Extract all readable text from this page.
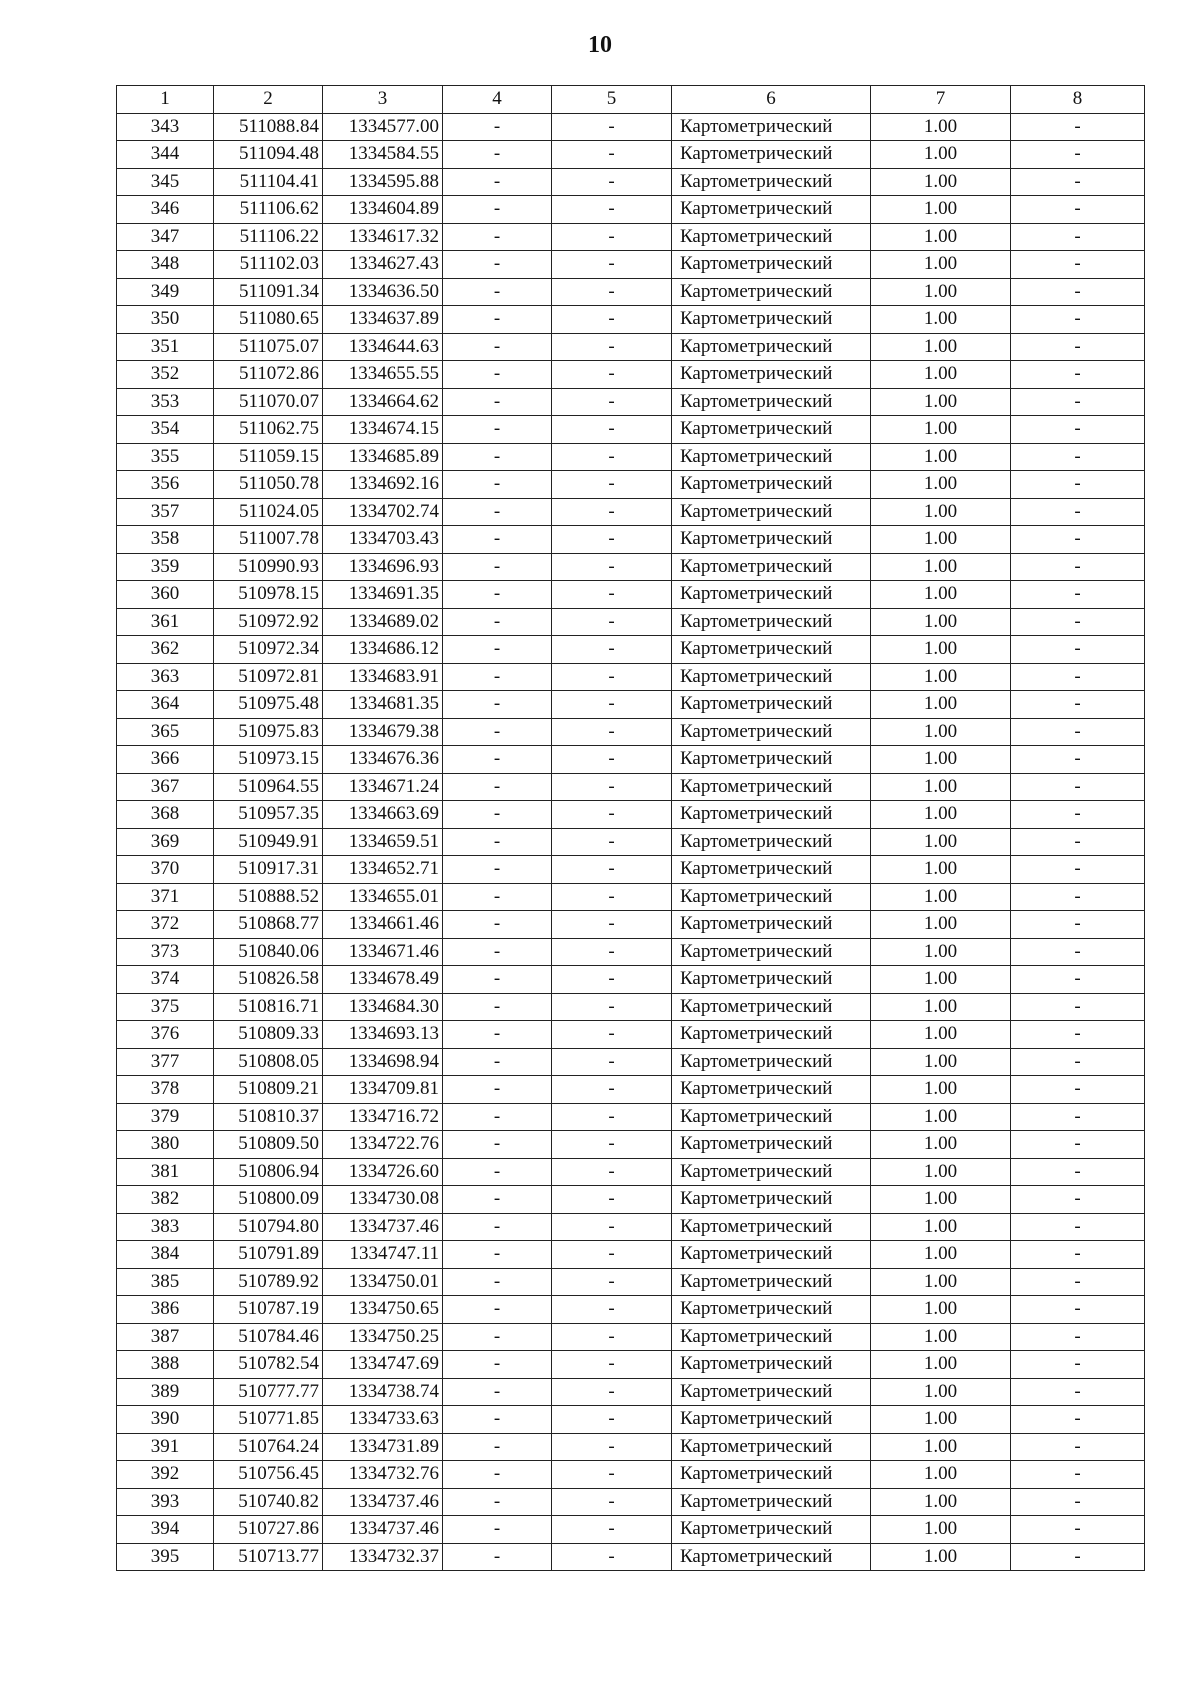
10
1	2	3	4	5	6	7	8
343	511088.84	1334577.00	-	-	Картометрический	1.00	-
344	511094.48	1334584.55	-	-	Картометрический	1.00	-
345	511104.41	1334595.88	-	-	Картометрический	1.00	-
346	511106.62	1334604.89	-	-	Картометрический	1.00	-
347	511106.22	1334617.32	-	-	Картометрический	1.00	-
348	511102.03	1334627.43	-	-	Картометрический	1.00	-
349	511091.34	1334636.50	-	-	Картометрический	1.00	-
350	511080.65	1334637.89	-	-	Картометрический	1.00	-
351	511075.07	1334644.63	-	-	Картометрический	1.00	-
352	511072.86	1334655.55	-	-	Картометрический	1.00	-
353	511070.07	1334664.62	-	-	Картометрический	1.00	-
354	511062.75	1334674.15	-	-	Картометрический	1.00	-
355	511059.15	1334685.89	-	-	Картометрический	1.00	-
356	511050.78	1334692.16	-	-	Картометрический	1.00	-
357	511024.05	1334702.74	-	-	Картометрический	1.00	-
358	511007.78	1334703.43	-	-	Картометрический	1.00	-
359	510990.93	1334696.93	-	-	Картометрический	1.00	-
360	510978.15	1334691.35	-	-	Картометрический	1.00	-
361	510972.92	1334689.02	-	-	Картометрический	1.00	-
362	510972.34	1334686.12	-	-	Картометрический	1.00	-
363	510972.81	1334683.91	-	-	Картометрический	1.00	-
364	510975.48	1334681.35	-	-	Картометрический	1.00	-
365	510975.83	1334679.38	-	-	Картометрический	1.00	-
366	510973.15	1334676.36	-	-	Картометрический	1.00	-
367	510964.55	1334671.24	-	-	Картометрический	1.00	-
368	510957.35	1334663.69	-	-	Картометрический	1.00	-
369	510949.91	1334659.51	-	-	Картометрический	1.00	-
370	510917.31	1334652.71	-	-	Картометрический	1.00	-
371	510888.52	1334655.01	-	-	Картометрический	1.00	-
372	510868.77	1334661.46	-	-	Картометрический	1.00	-
373	510840.06	1334671.46	-	-	Картометрический	1.00	-
374	510826.58	1334678.49	-	-	Картометрический	1.00	-
375	510816.71	1334684.30	-	-	Картометрический	1.00	-
376	510809.33	1334693.13	-	-	Картометрический	1.00	-
377	510808.05	1334698.94	-	-	Картометрический	1.00	-
378	510809.21	1334709.81	-	-	Картометрический	1.00	-
379	510810.37	1334716.72	-	-	Картометрический	1.00	-
380	510809.50	1334722.76	-	-	Картометрический	1.00	-
381	510806.94	1334726.60	-	-	Картометрический	1.00	-
382	510800.09	1334730.08	-	-	Картометрический	1.00	-
383	510794.80	1334737.46	-	-	Картометрический	1.00	-
384	510791.89	1334747.11	-	-	Картометрический	1.00	-
385	510789.92	1334750.01	-	-	Картометрический	1.00	-
386	510787.19	1334750.65	-	-	Картометрический	1.00	-
387	510784.46	1334750.25	-	-	Картометрический	1.00	-
388	510782.54	1334747.69	-	-	Картометрический	1.00	-
389	510777.77	1334738.74	-	-	Картометрический	1.00	-
390	510771.85	1334733.63	-	-	Картометрический	1.00	-
391	510764.24	1334731.89	-	-	Картометрический	1.00	-
392	510756.45	1334732.76	-	-	Картометрический	1.00	-
393	510740.82	1334737.46	-	-	Картометрический	1.00	-
394	510727.86	1334737.46	-	-	Картометрический	1.00	-
395	510713.77	1334732.37	-	-	Картометрический	1.00	-
